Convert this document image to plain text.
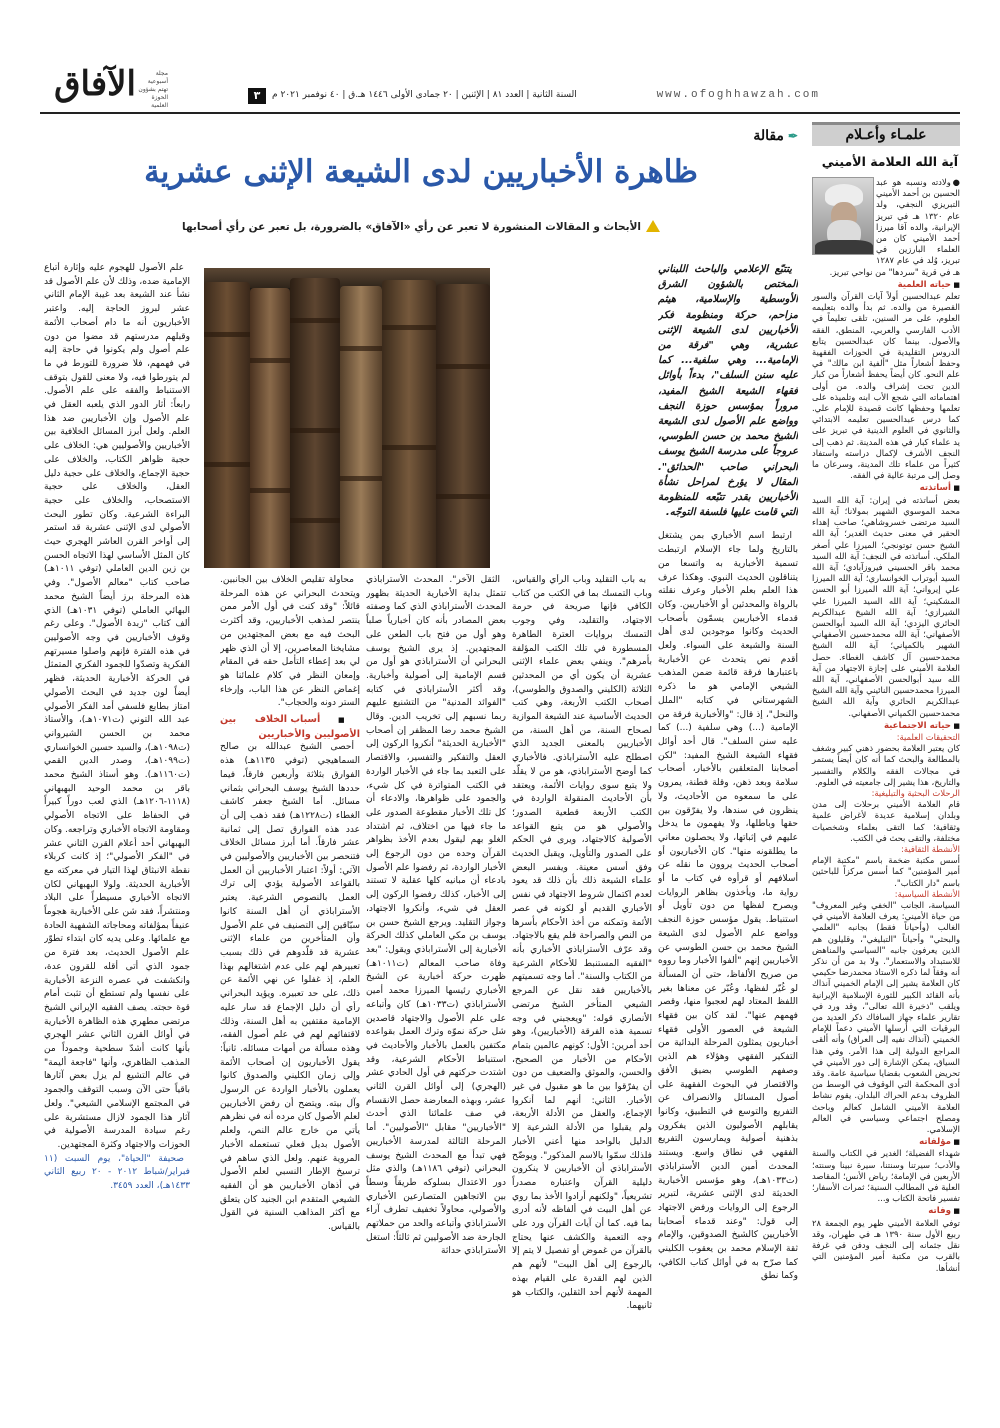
الآفاق	مجلة أسبوعية تهتم بشؤون الحوزة العلمية
٣	السنة الثانية | العدد ٨١ | الإثنين | ٢٠ جمادى الأولى ١٤٤٦ هـ.ق | ٤٠ نوفمبر ٢٠٢١ م	www.ofoghhawzah.com
علمـاء وأعـلام
آية الله العلامة الأميني
●ولادته ونسبه هو عبد الحسين بن أحمد الأميني التبريزي النجفي، ولد عام ١٣٢٠ هـ في تبريز الإيرانية، والده آقا ميرزا أحمد الأميني كان من العلماء البارزين في تبريز، وُلد في عام ١٢٨٧ هـ في قرية "سردها" من نواحي تبريز.
■ حياته العلمية
تعلم عبدالحسين أولاً آيات القرآن والسور القصيرة من والده. ثم بدأ والده بتعليمه العلوم، على مر السنين، تلقى تعليماً في الأدب الفارسي والعربي، المنطق، الفقه والأصول. بينما كان عبدالحسين يتابع الدروس التقليدية في الحوزات الفقهية وحفظ أشعاراً مثل "ألفية ابن مالك" في علم النحو. كان أيضاً يحفظ أشعاراً من كبار الدين تحت إشراف والده. من أولى اهتماماته التي شجع الأب ابنه وتلميذه على تعلمها وحفظها كانت قصيدة للإمام علي. كما درس عبدالحسين تعليمه الابتدائي والثانوي في العلوم الدينية في تبريز على يد علماء كبار في هذه المدينة. ثم ذهب إلى النجف الأشرف لإكمال دراسته واستفاد كثيراً من علماء تلك المدينة، وسرعان ما وصل إلى مرتبة عالية في الفقه.
■ أساتذته
بعض أساتذته في إيران: آية الله السيد محمد الموسوي الشهير بمولانا؛ آية الله السيد مرتضى خسروشاهي؛ صاحب إهداء الحقير في معنى حديث الغدير؛ آية الله الشيخ حسن توتونجي؛ الميرزا علي أصغر الملكي. أساتذته في النجف: آية الله السيد محمد باقر الحسيني فيروزآبادي؛ آية الله السيد أبوتراب الخوانساري؛ آية الله الميرزا علي إيرواني؛ آية الله الميرزا أبو الحسن المشكيني؛ آية الله السيد الميرزا علي الشيرازي؛ آية الله الشيخ عبدالكريم الحائري اليزدي؛ آية الله السيد أبوالحسن الأصفهاني؛ آية الله محمدحسين الأصفهاني الشهير بالكمپاني؛ آية الله الشيخ محمدحسين آل كاشف الغطاء. حصل العلامة الأميني على إجازة الاجتهاد من آية الله سيد أبوالحسن الأصفهاني، آية الله الميرزا محمدحسين النائيني وآية الله الشيخ عبدالكريم الحائري وآية الله الشيخ محمدحسين الكمپاني الأصفهاني.
■ حياته الاجتماعية
التحقيقات العلمية:
كان يعتبر العلامة بحضور ذهني كبير وشغف بالمطالعة والبحث كما أنه كان أيضاً يستمر في مجالات الفقه والكلام والتفسير والتاريخ، هذا يشير إلى جامعيته في العلوم.
الرحلات البحثية والتبليغية:
قام العلامة الأميني برحلات إلى مدن وبلدان إسلامية عديدة لأغراض علمية وثقافية؛ كما التقى بعلماء وشخصيات مختلفة، والتقى بحث في الكتب.
الأنشطة الثقافية:
أسس مكتبة ضخمة باسم "مكتبة الإمام أمير المؤمنين" كما أسس مركزاً للباحثين باسم "دار الكتاب".
الأنشطة السياسية:
السياسة، الجانب "الخفي وغير المعروف" من حياة الأميني: يعرف العلامة الأميني في الغالب (وأحياناً فقط) بجانبه "العلمي والبحثي" وأحياناً "التبليغي"، وقليلون هم الذين يعرفون جانبه "السياسي والمناهض للاستبداد والاستعمار". ولا بد من أن نذكر أنه وفقاً لما ذكره الاستاذ محمدرضا حكيمي كان العلامة يشير إلى الإمام الخميني آنذاك بأنه القائد الكبير للثورة الإسلامية الإيرانية ويلقب "ذخيرة الله تعالى"، وقد ورد في تقارير علماء جهاز السافاك ذكر العديد من البرقيات التي أرسلها الأميني دعماً للإمام الخميني (آنذاك نفيه إلى العراق) وأنه ألقى المراجع الدولية إلى هذا الأمر. وفي هذا السياق، يمكن الإشارة إلى دور الأميني في تحريض الشعوب بقضايا سياسية عامة. وقد أدى المحكمة التي الوقوف في الوسط من الظروف بدعم الحراك البلدان. يقوم نشاط العلامة الأميني الشامل كعالم وباحث ومصلح اجتماعي وسياسي في العالم الإسلامي.
■ مؤلفاته
شهداء الفضيلة؛ الغدير في الكتاب والسنة والأدب؛ سيرتنا وسنتنا، سيرة نبينا وسنته؛ الأربعين في الإمامة؛ رياض الأنس؛ المقاصد العلية في المطالب السنية؛ ثمرات الأسفار؛ تفسير فاتحة الكتاب و...
■ وفاته
توفي العلامة الأميني ظهر يوم الجمعة ٢٨ ربيع الأول سنة ١٣٩٠ هـ في طهران، وقد نقل جثمانه إلى النجف ودفن في غرفة بالقرب من مكتبة أمير المؤمنين التي أنشأها.
✒مقالة
ظاهرة الأخباريين لدى الشيعة الإثنى عشرية
الأبحاث و المقالات المنشورة لا تعبر عن رأي «الآفاق» بالضرورة، بل تعبر عن رأي أصحابها

يتتبّع الإعلامي والباحث اللبناني المختص بالشؤون الشرق الأوسطية والإسلامية، هيثم مزاحم، حركة ومنظومة فكر الأخباريين لدى الشيعة الإثنى عشرية، وهي "فرقة من الإمامية... وهي سلفية... كما عليه سنن السلف"، بدءاً بأوائل فقهاء الشيعة الشيخ المفيد، مروراً بمؤسس حوزة النجف وواضع علم الأصول لدى الشيعة الشيخ محمد بن حسن الطوسي، عروجاً على مدرسة الشيخ يوسف البحراني صاحب "الحدائق". المقال لا يؤرخ لمراحل نشأة الأخباريين بقدر تتبّعه للمنظومة التي قامت عليها فلسفة التوجّه.

ارتبط اسم الأخباري بمن يشتغل بالتاريخ ولما جاء الإسلام ارتبطت تسمية الأخبارية به واتسعا من يتناقلون الحديث النبوي. وهكذا عرف هذا العلم بعلم الأخبار وعرف نقلته بالرواة والمحدثين أو الأخباريين. وكان قدماء الأخباريين يسمّون بأصحاب الحديث وكانوا موجودين لدى أهل السنة والشيعة على السواء. ولعل أقدم نص يتحدث عن الأخبارية باعتبارها فرقة قائمة ضمن المذهب الشيعي الإمامي هو ما ذكره الشهرستاني في كتابه "الملل والنحل"، إذ قال: "والأخبارية فرقة من الإمامية (...) وهي سلفية (...) كما عليه سنن السلف". قال أحد أوائل فقهاء الشيعة الشيخ المفيد: "لكن أصحابنا المتعلقين بالأخبار، أصحاب سلامة وبعد ذهن، وقلة فطنة، يمرون على ما سمعوه من الأحاديث، ولا ينظرون في سندها، ولا يفرّقون بين حقها وباطلها، ولا يفهمون ما يدخل عليهم في إثباتها، ولا يحصلون معاني ما يطلقونه منها". كان الأخباريون أو أصحاب الحديث يروون ما نقله عن أسلافهم أو قرأوه في كتاب ما أو رواية ما، ويأخذون بظاهر الروايات ويصرح لفظها من دون تأويل أو استنباط. يقول مؤسس حوزة النجف وواضع علم الأصول لدى الشيعة الشيخ محمد بن حسن الطوسي عن الأخباريين إنهم "ألفوا الأخبار وما رووه من صريح الألفاظ، حتى أن المسألة لو غُيّر لفظها، وعُبّر عن معناها بغير اللفظ المعتاد لهم لعجبوا منها، وقصر فهمهم عنها". لقد كان بين فقهاء الشيعة في العصور الأولى فقهاء أخباريون يمثلون المرحلة البدائية من التفكير الفقهي وهؤلاء هم الذين وصفهم الطوسي بضيق الأفق والاقتصار في البحوث الفقهية على أصول المسائل والانصراف عن التفريع والتوسع في التطبيق، وكانوا يقابلهم الأصوليون الذين يفكرون بذهنية أصولية ويمارسون التفريع الفقهي في نطاق واسع. ويستند المحدث أمين الدين الأستراباذي (ت١٠٣٣هـ)، وهو مؤسس الأخبارية الحديثة لدى الإثنى عشرية، لتبرير الرجوع إلى الروايات ورفض الاجتهاد إلى قول: "وعند قدماء أصحابنا الأخباريين كالشيخ الصدوقين، والإمام ثقة الإسلام محمد بن يعقوب الكليني كما صرّح به في أوائل كتاب الكافي، وكما نطق

به باب التقليد وباب الرأي والقياس، وباب التمسك بما في الكتب من كتاب الكافي فإنها صريحة في حرمة الاجتهاد، والتقليد، وفي وجوب التمسك بروايات العترة الطاهرة المسطورة في تلك الكتب المؤلفة بأمرهم". وينفي بعض علماء الإثنى عشرية أن يكون أي من المحدثين الثلاثة (الكليني والصدوق والطوسي)، أصحاب الكتب الأربعة، وهي كتب الحديث الأساسية عند الشيعة الموازية لصحاح السنة، من أهل السنة، من الأخباريين بالمعنى الجديد الذي اصطلح عليه الأستراباذي. فالأخباري كما أوضح الأستراباذي، هو من لا يقلّد ولا يتبع سوى روايات الأئمة، ويعتقد بأن الأحاديث المنقولة الواردة في الكتب الأربعة قطعية الصدور؛ والأصولي هو من يتبع القواعد الأصولية كالاجتهاد، ويرى في الحكم على الصدور والتأويل، ويقبل الحديث وفق أسس معينة. ويفسر البعض علماء الشيعة ذلك بأن ذلك قد يعود لعدم اكتمال شروط الاجتهاد في نفس الأخباري القديم أو لكونه في عصر الأئمة وتمكنه من أخذ الأحكام بأسرها من النص والصراحة فلم يقع بالاجتهاد. وقد عرّف الأستراباذي الأخباري بأنه "الفقيه المستنبط للأحكام الشرعية من الكتاب والسنة". أما وجه تسميتهم بالأخباريين فقد نقل عن المرجع الشيعي المتأخر الشيخ مرتضى الأنصاري قوله: "ويعجبني في وجه تسمية هذه الفرقة (الأخباريين)، وهو أحد أمرين: الأول: كونهم عالمين بتمام الأحكام من الأخبار من الصحيح، والحسن، والموثق والضعيف من دون أن يفرّقوا بين ما هو مقبول في غير الأخبار. الثاني: أنهم لما أنكروا الإجماع، والعقل من الأدلة الأربعة، ولم يقبلوا من الأدلة الشرعية إلا الدليل بالواحد منها أعني الأخبار فلذلك سمّوا بالاسم المذكور". ويوضّح الأستراباذي أن الأخباريين لا ينكرون دليلية القرآن واعتباره مصدراً تشريعياً، "ولكنهم أرادوا الأخذ بما روي عن أهل البيت في ألفاظه لأنه أدرى بما فيه. كما أن آيات القرآن ورد على وجه التعمية والكشف عنها يحتاج بالقرآن من غموض أو تفصيل لا يتم إلا بالرجوع إلى أهل البيت" لأنهم هم الذين لهم القدرة على القيام بهذه المهمة لأنهم أحد الثقلين، والكتاب هو ثانيهما.

الثقل الآخر". المحدث الأستراباذي تتمثل بداية الأخبارية الحديثة بظهور المحدث الأستراباذي الذي كما وصفته بعض المصادر بأنه كان أخبارياً صلباً وهو أول من فتح باب الطعن على المجتهدين. إذ يرى الشيخ يوسف البحراني أن الأستراباذي هو أول من قسم الإمامية إلى أصولية وأخبارية. وقد أكثر الأستراباذي في كتابه "الفوائد المدنية" من التشنيع عليهم ربما نسبهم إلى تخريب الدين. وقال الشيخ محمد رضا المظفر إن أصحاب "الأخبارية الحديثة" أنكروا الركون إلى العقل والتفكير والتفسير، والاقتصار على التعبد بما جاء في الأخبار الواردة في الكتب المتواترة في كل شيء، والجمود على ظواهرها، والادعاء أن كل تلك الأخبار مقطوعة الصدور على ما جاء فيها من اختلاف، ثم اشتداد الغلو بهم ليقول بعدم الأخذ بظواهر القرآن وحده من دون الرجوع إلى الأخبار الواردة، ثم رفضوا علم الأصول بادعاء أن مبانيه كلها عقلية لا تستند إلى الأخبار، كذلك رفضوا الركون إلى العقل في شيء، وأنكروا الاجتهاد، وجواز التقليد. ويرجع الشيخ حسن بن يوسف بن مكي العاملي كذلك الحركة الأخبارية إلى الأستراباذي ويقول: "بعد وفاة صاحب المعالم (ت١٠١١هـ) ظهرت حركة أخبارية عن الشيخ الأخباري رئيسها الميرزا محمد أمين الأستراباذي (ت١٠٣٣هـ) كان وأتباعه على علم الأصول والاجتهاد قاصدين شل حركة نموّه وترك العمل بقواعده مكتفين بالعمل بالأخبار والأحاديث في استنباط الأحكام الشرعية، وقد اشتدت حركتهم في أول الحادي عشر (الهجري) إلى أوائل القرن الثاني عشر، وبهذه المعارضة حصل الانقسام في صف علمائنا الذي أحدث "الأخباريين" مقابل "الأصوليين". أما المرحلة الثالثة لمدرسة الأخباريين فهي تبدأ مع المحدث الشيخ يوسف البحراني (توفي ١١٨٦هـ) والذي مثل دور الاعتدال بسلوكه طريقاً وسطاً بين الاتجاهين المتصارعين الأخباري والأصولي، محاولاً تخفيف تطرف آراء الأستراباذي وأتباعه والحد من حملاتهم الجارحة ضد الأصوليين ثم ثالثاً: استغل الأستراباذي حداثة

محاولة تقليص الخلاف بين الجانبين. ويتحدث البحراني عن هذه المرحلة قائلاً: "وقد كنت في أول الأمر ممن ينتصر لمذهب الأخباريين، وقد أكثرت البحث فيه مع بعض المجتهدين من مشايخنا المعاصرين، إلا أن الذي ظهر لي بعد إعطاء التأمل حقه في المقام وإمعان النظر في كلام علمائنا هو إغماض النظر عن هذا الباب، وإرخاء الستر دونه والحجاب".

■ أسباب الخلاف بين الأصوليين والأخباريين

أحصى الشيخ عبدالله بن صالح السماهيجي (توفي ١١٣٥هـ) هذه الفوارق بثلاثة وأربعين فارقاً، فيما حددها الشيخ يوسف البحراني بثماني مسائل. أما الشيخ جعفر كاشف الغطاء (ت١٢٢٨هـ) فقد ذهب إلى أن عدد هذه الفوارق تصل إلى ثمانية عشر فارقاً. أما أبرز مسائل الخلاف فتنحصر بين الأخباريين والأصوليين في الآتي: أولاً: اعتبار الأخباريين أن العمل بالقواعد الأصولية يؤدي إلى ترك العمل بالنصوص الشرعية. يعتبر الأستراباذي أن أهل السنة كانوا سبّاقين إلى التصنيف في علم الأصول وأن المتأخرين من علماء الإثنى عشرية قد قلّدوهم في ذلك بسبب تعبيرهم لهم على عدم اشتغالهم بهذا العلم، إذ غفلوا عن نهي الأئمة عن ذلك، على حد تعبيره. ويؤيد البحراني رأي أن دليل الإجماع قد سار عليه الإمامية مقتفين به أهل السنة، وذلك لاقتفائهم لهم في علم أصول الفقه، وهذه مسألة من أمهات مسائله. ثانياً: يقول الأخباريون إن أصحاب الأئمة وإلى زمان الكليني والصدوق كانوا يعملون بالأخبار الواردة عن الرسول وآل بيته. ويتضح أن رفض الأخباريين لعلم الأصول كان مرده أنه في نظرهم يأتي من خارج عالم النص، ولعلم الأصول بديل فعلي تستعمله الأخبار المروية عنهم. ولعل الذي ساهم في ترسيخ الإطار النسبي لعلم الأصول في أذهان الأخباريين هو أن الفقيه الشيعي المتقدم ابن الجنيد كان يتعلق مع أكثر المذاهب السنية في القول بالقياس.

علم الأصول للهجوم عليه وإثارة أتباع الإمامية ضده، وذلك لأن علم الأصول قد نشأ عند الشيعة بعد غيبة الإمام الثاني عشر لبروز الحاجة إليه. واعتبر الأخباريون أنه ما دام أصحاب الأئمة وقبلهم مدرستهم قد مضوا من دون علم أصول ولم يكونوا في حاجة إليه في فهمهم، فلا ضرورة للتورط في ما لم يتورطوا فيه، ولا معنى للقول بتوقف الاستنباط والفقه على علم الأصول. رابعاً: أثار الدور الذي يلعبه العقل في علم الأصول وإن الأخباريين ضد هذا العلم. ولعل أبرز المسائل الخلافية بين الأخباريين والأصوليين هي: الخلاف على حجية ظواهر الكتاب، والخلاف على حجية الإجماع، والخلاف على حجية دليل العقل، والخلاف على حجية الاستصحاب، والخلاف على حجية البراءة الشرعية. وكان تطور البحث الأصولي لدى الإثنى عشرية قد استمر إلى أواخر القرن العاشر الهجري حيث كان المثل الأساسي لهذا الاتجاه الحسن بن زين الدين العاملي (توفي ١٠١١هـ) صاحب كتاب "معالم الأصول". وفي هذه المرحلة برز أيضاً الشيخ محمد البهائي العاملي (توفي ١٠٣١هـ) الذي ألف كتاب "زبدة الأصول". وعلى رغم وقوف الأخباريين في وجه الأصوليين في هذه الفترة فإنهم واصلوا مسيرتهم الفكرية وتصدّوا للجمود الفكري المتمثل في الحركة الأخبارية الحديثة، فظهر أيضاً لون جديد في البحث الأصولي امتاز بطابع فلسفي أمد الفكر الأصولي عبد الله التوني (ت١٠٧١هـ)، والأستاذ محمد بن الحسن الشيرواني (ت١٠٩٨هـ)، والسيد حسين الخوانساري (ت١٠٩٩هـ)، وصدر الدين القمي (ت١١٦٠هـ). وهو أستاذ الشيخ محمد باقر بن محمد الوحيد البهبهاني (١١١٨-١٢٠٦هـ) الذي لعب دوراً كبيراً في الحفاظ على الاتجاه الأصولي ومقاومة الاتجاه الأخباري وتراجعه. وكان البهبهاني أحد أعلام القرن الثاني عشر في "الفكر الأصولي"؛ إذ كانت كربلاء نقطة الانبثاق لهذا التيار في معركته مع الأخبارية الحديثة. ولولا البهبهاني لكان الاتجاه الأخباري مسيطراً على البلاد ومنتشراً، فقد شن على الأخبارية هجوماً عنيفاً بمؤلفاته ومحاجاته الشفهية الحادة مع علمائها. وعلى يديه كان ابتداء تطوّر علم الأصول الحديث، بعد فترة من جمود الذي أتى أقله للقرون عدة، وانكشفت في عصره النزعة الأخبارية على نفسها ولم تستطع أن تثبت أمام قوة حجته. يصف الفقيه الإيراني الشيخ مرتضى مطهري هذه الظاهرة الأخبارية في أوائل القرن الثاني عشر الهجري بأنها كانت أشدّ سطحية وجموداً من المذهب الظاهري، وأنها "فاجعة أليمة" في عالم التشيع لم يزل بعض آثارها باقياً حتى الآن وسبب التوقف والجمود في المجتمع الإسلامي الشيعي". ولعل آثار هذا الجمود لازال مستشرية على رغم سيادة المدرسة الأصولية في الحوزات والاجتهاد وكثرة المجتهدين.

صحيفة "الحياة"، يوم السبت (١١ فبراير/شباط ٢٠١٢ - ٢٠ ربيع الثاني ١٤٣٣هـ)، العدد ٣٤٥٩.
